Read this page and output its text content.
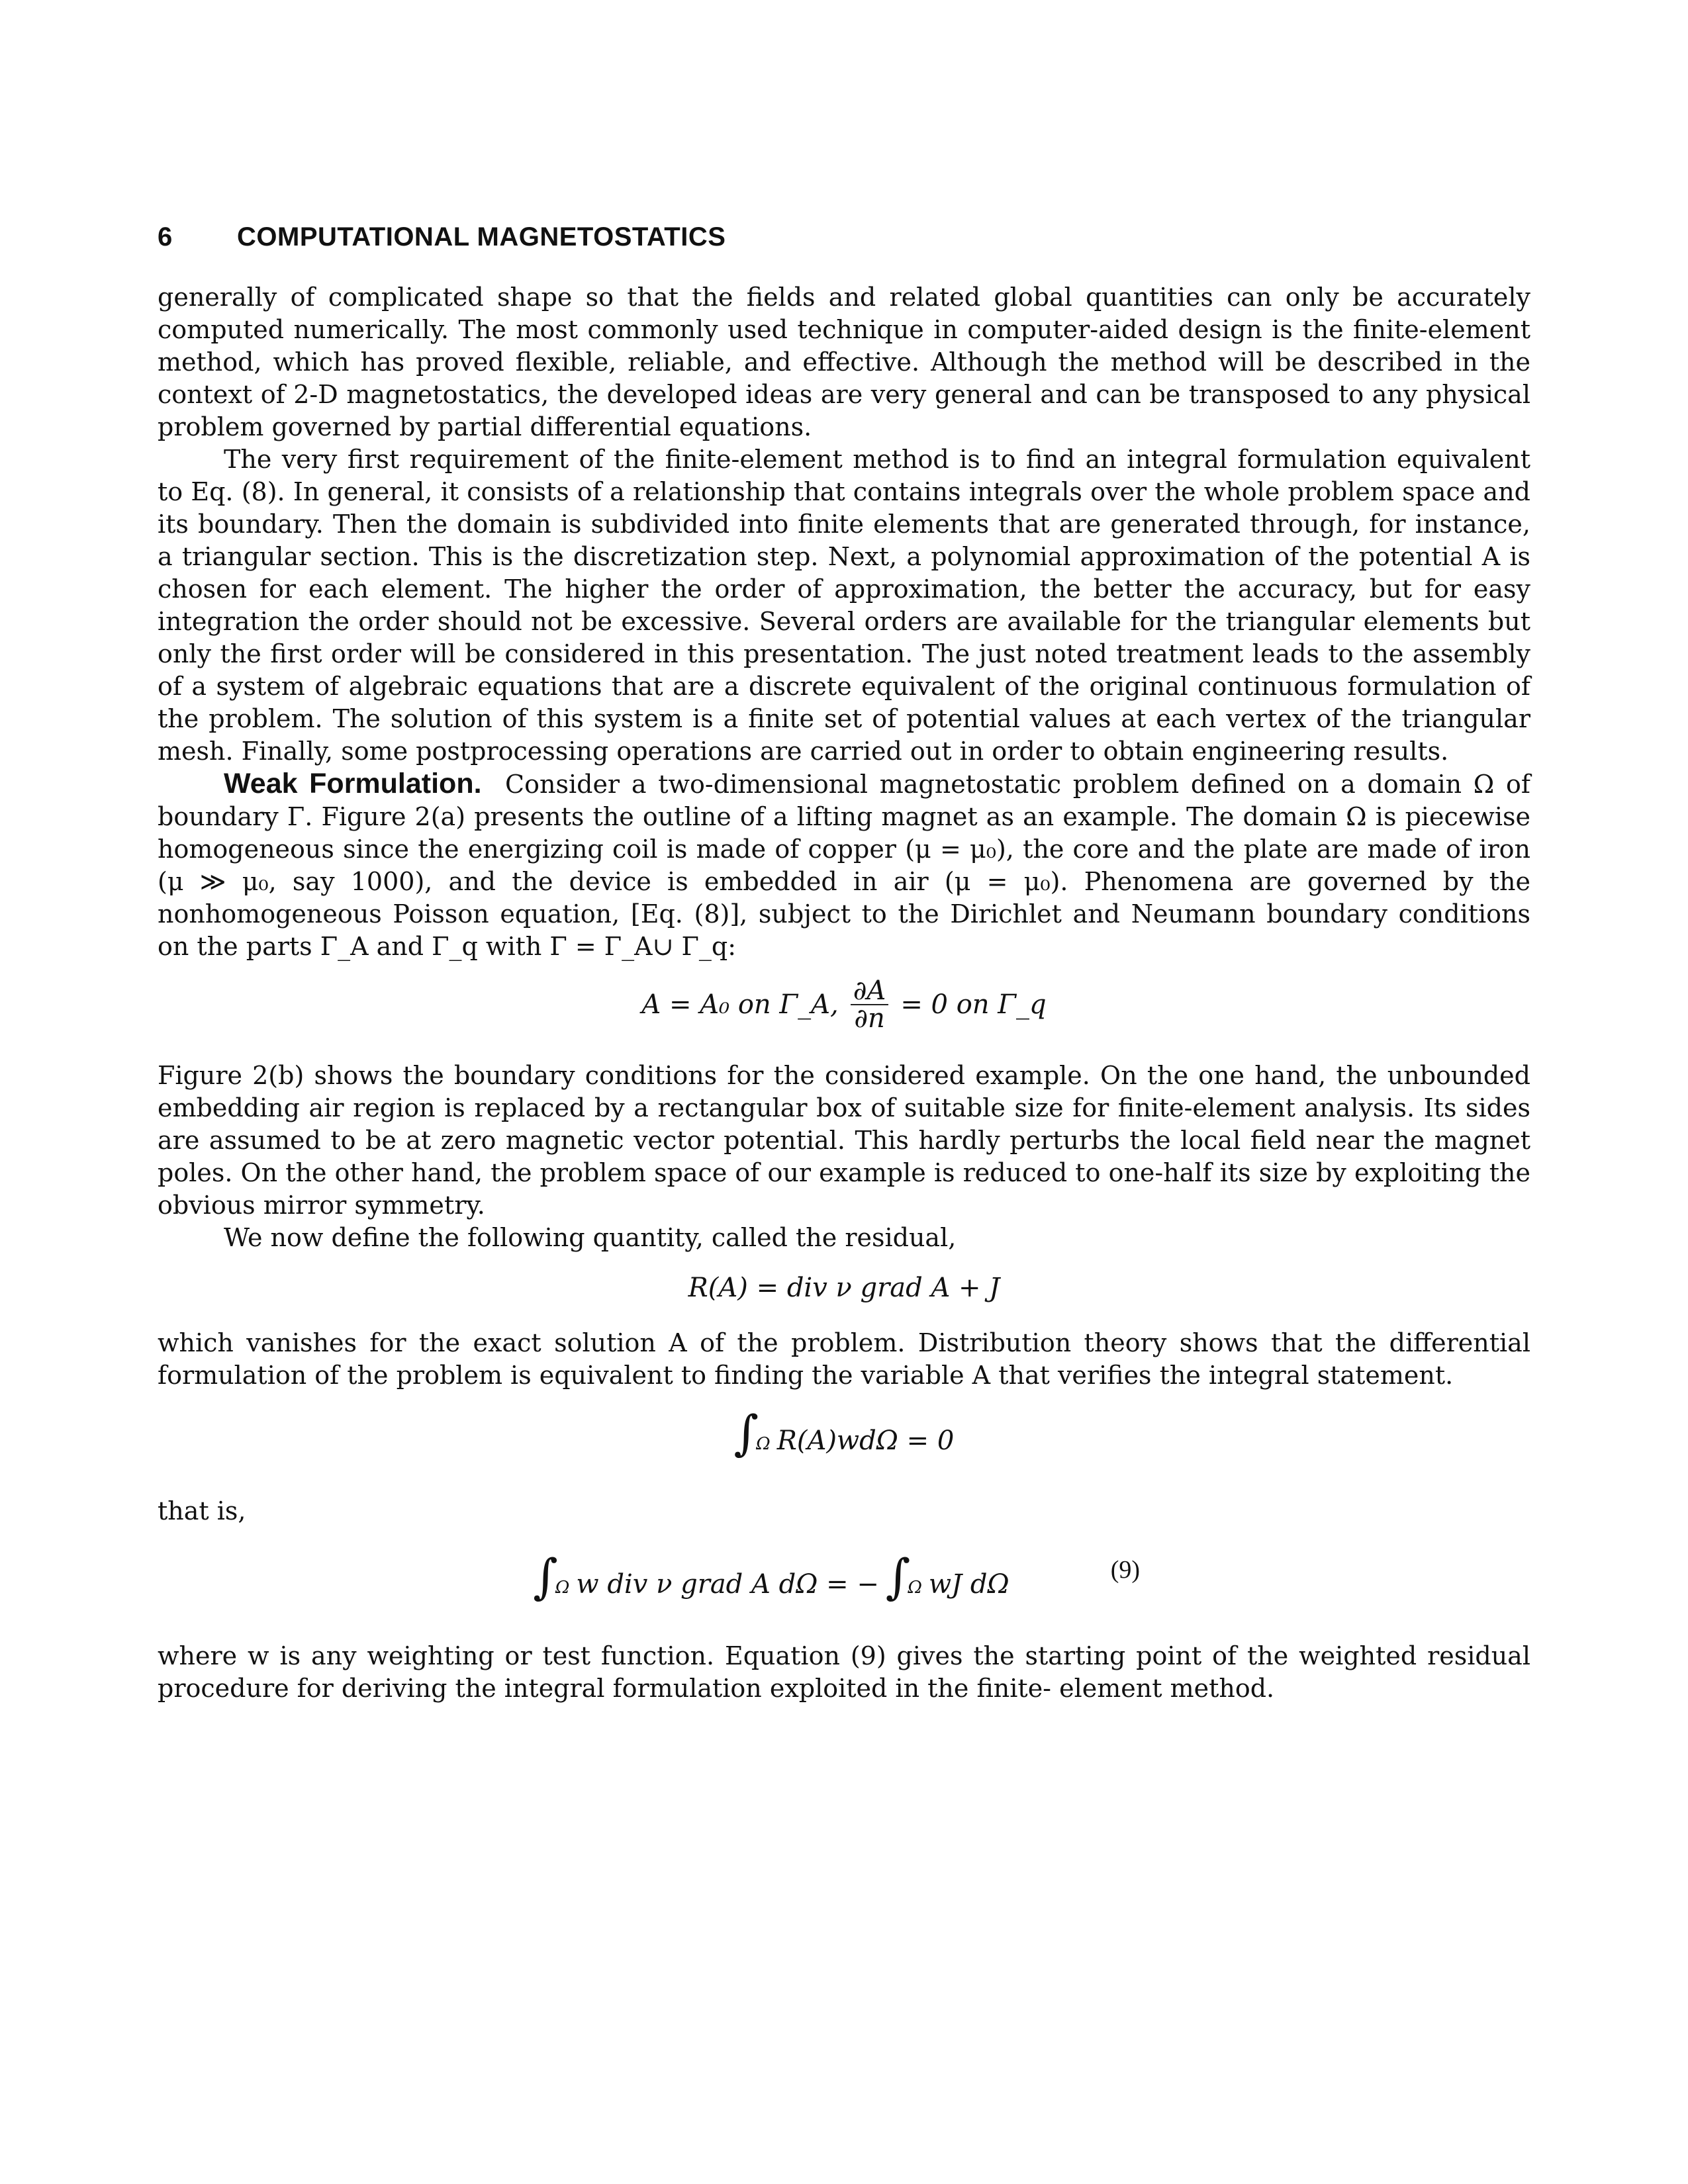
6 COMPUTATIONAL MAGNETOSTATICS

generally of complicated shape so that the fields and related global quantities can only be accurately computed numerically. The most commonly used technique in computer-aided design is the finite-element method, which has proved flexible, reliable, and effective. Although the method will be described in the context of 2-D magnetostatics, the developed ideas are very general and can be transposed to any physical problem governed by partial differential equations.

The very first requirement of the finite-element method is to find an integral formulation equivalent to Eq. (8). In general, it consists of a relationship that contains integrals over the whole problem space and its boundary. Then the domain is subdivided into finite elements that are generated through, for instance, a triangular section. This is the discretization step. Next, a polynomial approximation of the potential A is chosen for each element. The higher the order of approximation, the better the accuracy, but for easy integration the order should not be excessive. Several orders are available for the triangular elements but only the first order will be considered in this presentation. The just noted treatment leads to the assembly of a system of algebraic equations that are a discrete equivalent of the original continuous formulation of the problem. The solution of this system is a finite set of potential values at each vertex of the triangular mesh. Finally, some postprocessing operations are carried out in order to obtain engineering results.

Weak Formulation. Consider a two-dimensional magnetostatic problem defined on a domain Ω of boundary Γ. Figure 2(a) presents the outline of a lifting magnet as an example. The domain Ω is piecewise homogeneous since the energizing coil is made of copper (μ = μ₀), the core and the plate are made of iron (μ ≫ μ₀, say 1000), and the device is embedded in air (μ = μ₀). Phenomena are governed by the nonhomogeneous Poisson equation, [Eq. (8)], subject to the Dirichlet and Neumann boundary conditions on the parts Γ_A and Γ_q with Γ = Γ_A∪ Γ_q:

A = A₀ on Γ_A, $\frac{\partial A}{\partial n} = 0$ on Γ_q

Figure 2(b) shows the boundary conditions for the considered example. On the one hand, the unbounded embedding air region is replaced by a rectangular box of suitable size for finite-element analysis. Its sides are assumed to be at zero magnetic vector potential. This hardly perturbs the local field near the magnet poles. On the other hand, the problem space of our example is reduced to one-half its size by exploiting the obvious mirror symmetry.

We now define the following quantity, called the residual,

R(A) = div ν grad A + J

which vanishes for the exact solution A of the problem. Distribution theory shows that the differential formulation of the problem is equivalent to finding the variable A that verifies the integral statement.

∫
Ω R(A)wdΩ = 0

that is,

∫
Ω w div ν grad A dΩ = − ∫
Ω wJ dΩ	(9)

where w is any weighting or test function. Equation (9) gives the starting point of the weighted residual procedure for deriving the integral formulation exploited in the finite- element method.
